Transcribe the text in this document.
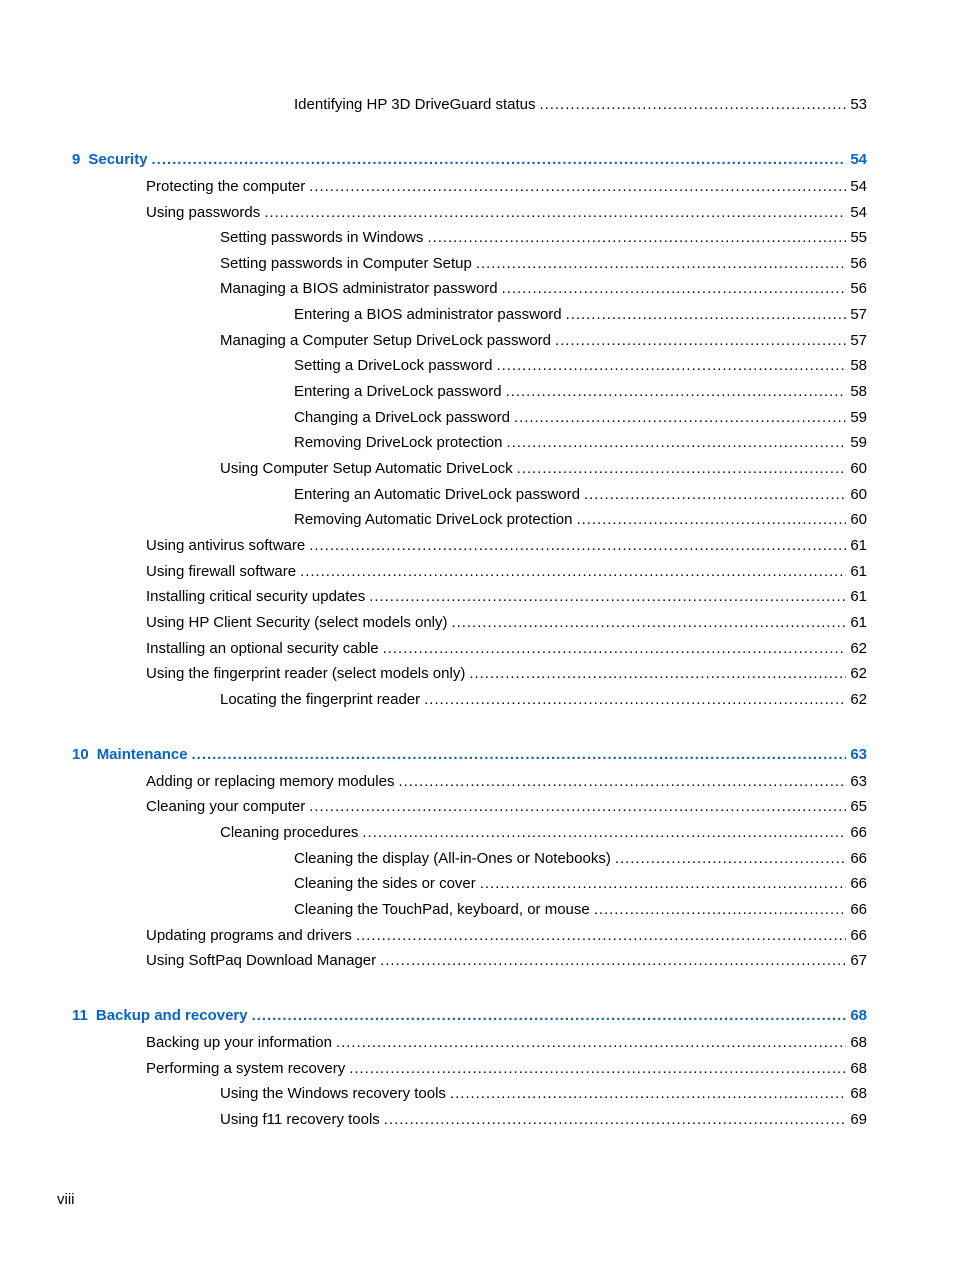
Identifying HP 3D DriveGuard status . . .	53
9 Security . . .	54
Protecting the computer . . .	54
Using passwords . . .	54
Setting passwords in Windows . . .	55
Setting passwords in Computer Setup . . .	56
Managing a BIOS administrator password . . .	56
Entering a BIOS administrator password . . .	57
Managing a Computer Setup DriveLock password . . .	57
Setting a DriveLock password . . .	58
Entering a DriveLock password . . .	58
Changing a DriveLock password . . .	59
Removing DriveLock protection . . .	59
Using Computer Setup Automatic DriveLock . . .	60
Entering an Automatic DriveLock password . . .	60
Removing Automatic DriveLock protection . . .	60
Using antivirus software . . .	61
Using firewall software . . .	61
Installing critical security updates . . .	61
Using HP Client Security (select models only) . . .	61
Installing an optional security cable . . .	62
Using the fingerprint reader (select models only) . . .	62
Locating the fingerprint reader . . .	62
10 Maintenance . . .	63
Adding or replacing memory modules . . .	63
Cleaning your computer . . .	65
Cleaning procedures . . .	66
Cleaning the display (All-in-Ones or Notebooks) . . .	66
Cleaning the sides or cover . . .	66
Cleaning the TouchPad, keyboard, or mouse . . .	66
Updating programs and drivers . . .	66
Using SoftPaq Download Manager . . .	67
11 Backup and recovery . . .	68
Backing up your information . . .	68
Performing a system recovery . . .	68
Using the Windows recovery tools . . .	68
Using f11 recovery tools . . .	69
viii
